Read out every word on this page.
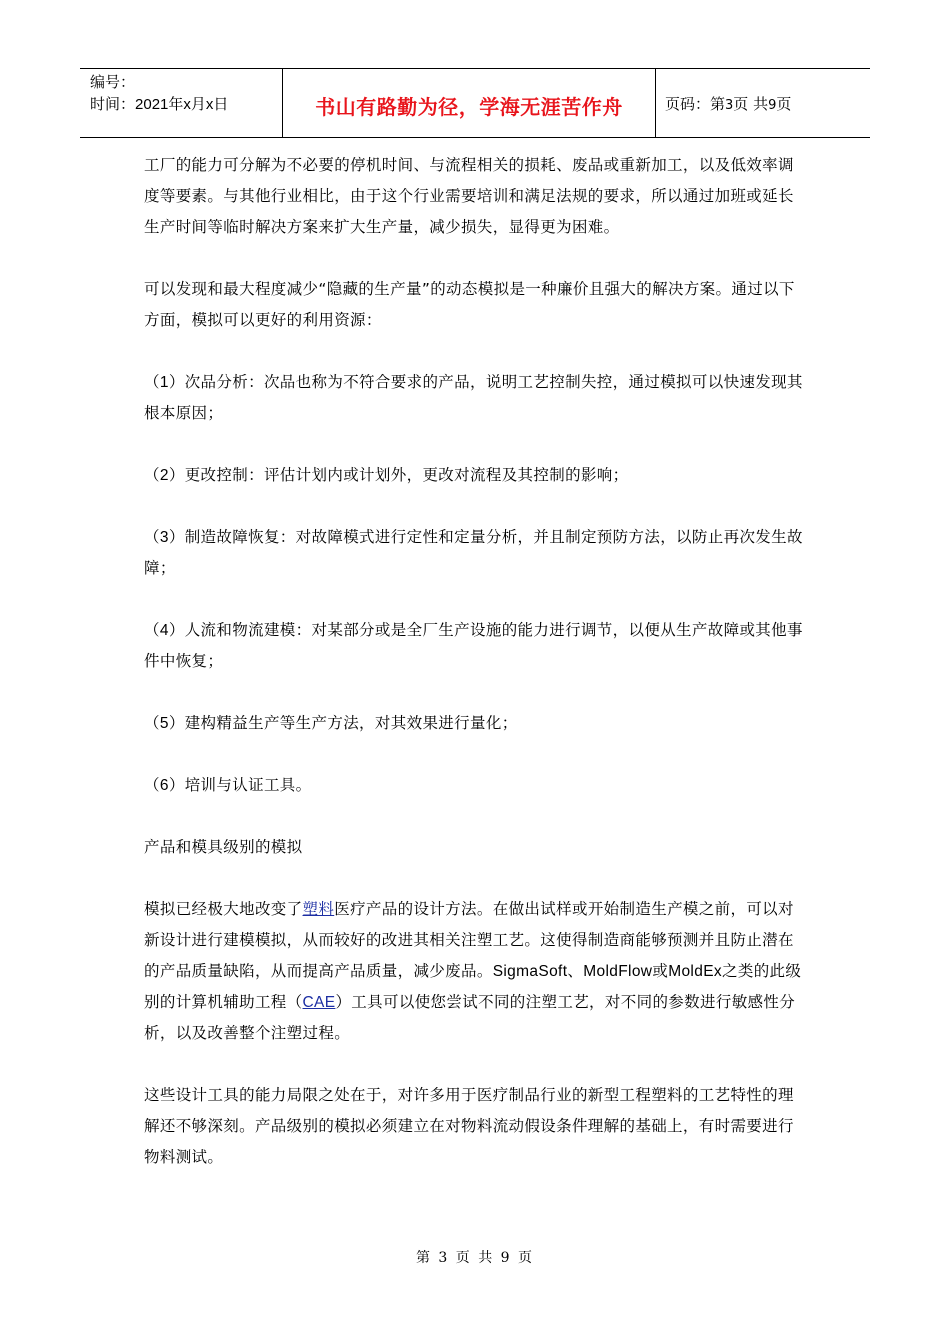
编号：
时间：2021年x月x日	书山有路勤为径，学海无涯苦作舟	页码：第3页 共9页

工厂的能力可分解为不必要的停机时间、与流程相关的损耗、废品或重新加工，以及低效率调度等要素。与其他行业相比，由于这个行业需要培训和满足法规的要求，所以通过加班或延长生产时间等临时解决方案来扩大生产量，减少损失，显得更为困难。

可以发现和最大程度减少“隐藏的生产量”的动态模拟是一种廉价且强大的解决方案。通过以下方面，模拟可以更好的利用资源：

（1）次品分析：次品也称为不符合要求的产品，说明工艺控制失控，通过模拟可以快速发现其根本原因；

（2）更改控制：评估计划内或计划外，更改对流程及其控制的影响；

（3）制造故障恢复：对故障模式进行定性和定量分析，并且制定预防方法，以防止再次发生故障；

（4）人流和物流建模：对某部分或是全厂生产设施的能力进行调节，以便从生产故障或其他事件中恢复；

（5）建构精益生产等生产方法，对其效果进行量化；

（6）培训与认证工具。

产品和模具级别的模拟

模拟已经极大地改变了塑料医疗产品的设计方法。在做出试样或开始制造生产模之前，可以对新设计进行建模模拟，从而较好的改进其相关注塑工艺。这使得制造商能够预测并且防止潜在的产品质量缺陷，从而提高产品质量，减少废品。SigmaSoft、MoldFlow或MoldEx之类的此级别的计算机辅助工程（CAE）工具可以使您尝试不同的注塑工艺，对不同的参数进行敏感性分析，以及改善整个注塑过程。

这些设计工具的能力局限之处在于，对许多用于医疗制品行业的新型工程塑料的工艺特性的理解还不够深刻。产品级别的模拟必须建立在对物料流动假设条件理解的基础上，有时需要进行物料测试。

第 3 页 共 9 页
